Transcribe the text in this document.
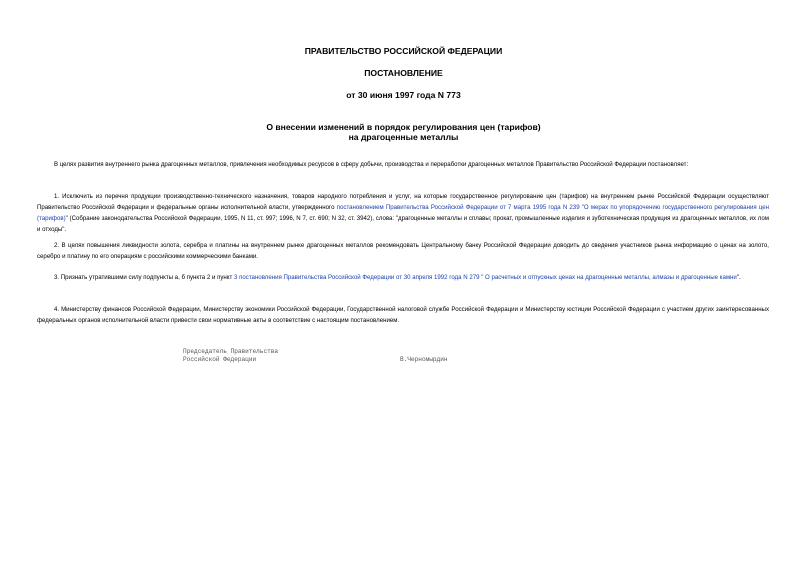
ПРАВИТЕЛЬСТВО РОССИЙСКОЙ ФЕДЕРАЦИИ
ПОСТАНОВЛЕНИЕ
от 30 июня 1997 года N 773
О внесении изменений в порядок регулирования цен (тарифов)
на драгоценные металлы
В целях развития внутреннего рынка драгоценных металлов, привлечения необходимых ресурсов в сферу добычи, производства и переработки драгоценных металлов Правительство Российской Федерации постановляет:
1. Исключить из перечня продукции производственно-технического назначения, товаров народного потребления и услуг, на которые государственное регулирование цен (тарифов) на внутреннем рынке Российской Федерации осуществляют Правительство Российской Федерации и федеральные органы исполнительной власти, утвержденного постановлением Правительства Российской Федерации от 7 марта 1995 года N 239 "О мерах по упорядочению государственного регулирования цен (тарифов)" (Собрание законодательства Российской Федерации, 1995, N 11, ст. 997; 1996, N 7, ст. 690; N 32, ст. 3942), слова: "драгоценные металлы и сплавы; прокат, промышленные изделия и зуботехническая продукция из драгоценных металлов, их лом и отходы".
2. В целях повышения ликвидности золота, серебра и платины на внутреннем рынке драгоценных металлов рекомендовать Центральному банку Российской Федерации доводить до сведения участников рынка информацию о ценах на золото, серебро и платину по его операциям с российскими коммерческими банками.
3. Признать утратившими силу подпункты а, б пункта 2 и пункт 3 постановления Правительства Российской Федерации от 30 апреля 1992 года N 279 " О расчетных и отпускных ценах на драгоценные металлы, алмазы и драгоценные камни".
4. Министерству финансов Российской Федерации, Министерству экономики Российской Федерации, Государственной налоговой службе Российской Федерации и Министерству юстиции Российской Федерации с участием других заинтересованных федеральных органов исполнительной власти привести свои нормативные акты в соответствие с настоящим постановлением.
Председатель Правительства
Российской Федерации	В.Черномырдин
